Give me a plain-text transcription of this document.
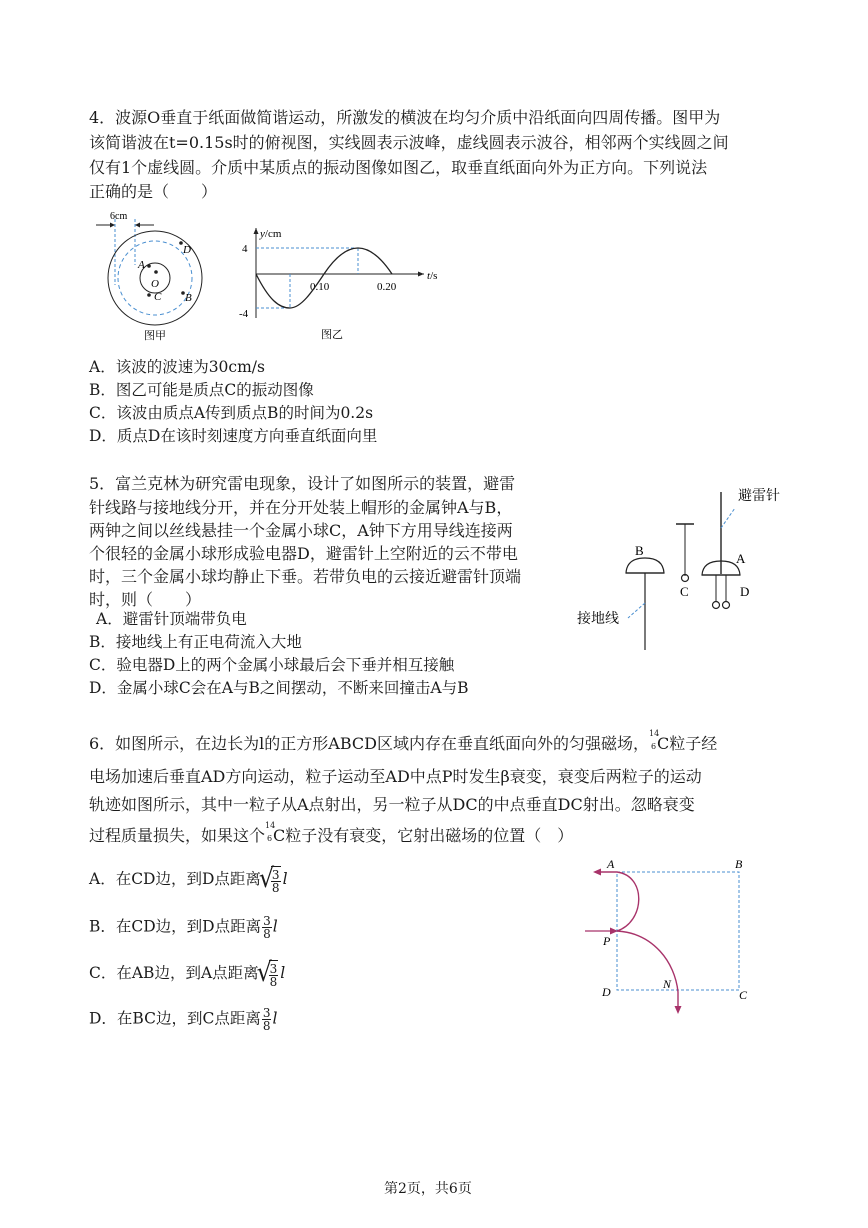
4．波源O垂直于纸面做简谐运动，所激发的横波在均匀介质中沿纸面向四周传播。图甲为
该简谐波在t=0.15s时的俯视图，实线圆表示波峰，虚线圆表示波谷，相邻两个实线圆之间
仅有1个虚线圆。介质中某质点的振动图像如图乙，取垂直纸面向外为正方向。下列说法
正确的是（　　）
6cm
A
B
C
D
O
图甲
y/cm
t/s
4
-4
0.10	0.20
图乙
A．该波的波速为30cm/s
B．图乙可能是质点C的振动图像
C．该波由质点A传到质点B的时间为0.2s
D．质点D在该时刻速度方向垂直纸面向里
5．富兰克林为研究雷电现象，设计了如图所示的装置，避雷
针线路与接地线分开，并在分开处装上帽形的金属钟A与B，
两钟之间以丝线悬挂一个金属小球C，A钟下方用导线连接两
个很轻的金属小球形成验电器D，避雷针上空附近的云不带电
时，三个金属小球均静止下垂。若带负电的云接近避雷针顶端
时，则（　　）
A．避雷针顶端带负电
B．接地线上有正电荷流入大地
C．验电器D上的两个金属小球最后会下垂并相互接触
D．金属小球C会在A与B之间摆动，不断来回撞击A与B
避雷针
C
B
接地线
A
D
6．如图所示，在边长为l的正方形ABCD区域内存在垂直纸面向外的匀强磁场，
14
6 C粒子经
电场加速后垂直AD方向运动，粒子运动至AD中点P时发生β衰变，衰变后两粒子的运动
轨迹如图所示，其中一粒子从A点射出，另一粒子从DC的中点垂直DC射出。忽略衰变
过程质量损失，如果这个
14
6 C粒子没有衰变，它射出磁场的位置（　）
A．在CD边，到D点距离 √ $\frac{3}{8}$ l
B．在CD边，到D点距离 $\frac{3}{8}$ l
C．在AB边，到A点距离 √ $\frac{3}{8}$ l
D．在BC边，到C点距离 $\frac{3}{8}$ l
A	B
C
D
P
N
第2页，共6页
